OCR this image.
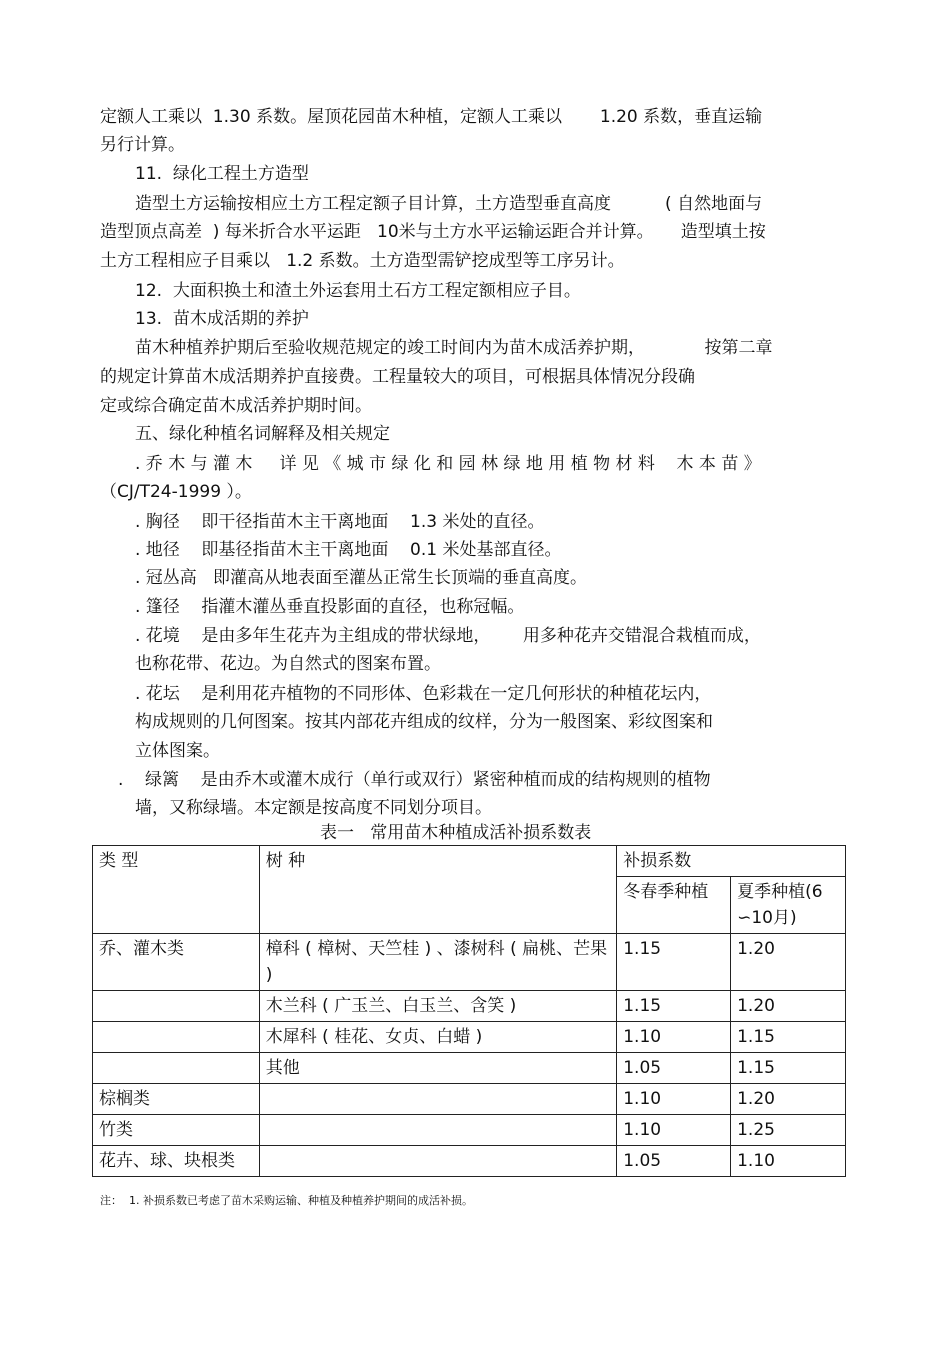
定额人工乘以  1.30 系数。屋顶花园苗木种植，定额人工乘以       1.20 系数，垂直运输
另行计算。
11.  绿化工程土方造型
造型土方运输按相应土方工程定额子目计算，土方造型垂直高度          ( 自然地面与
造型顶点高差  ) 每米折合水平运距   10米与土方水平运输运距合并计算。     造型填土按
土方工程相应子目乘以   1.2 系数。土方造型需铲挖成型等工序另计。
12.  大面积换土和渣土外运套用土石方工程定额相应子目。
13.  苗木成活期的养护
苗木种植养护期后至验收规范规定的竣工时间内为苗木成活养护期，           按第二章
的规定计算苗木成活期养护直接费。工程量较大的项目，可根据具体情况分段确
定或综合确定苗木成活养护期时间。
五、绿化种植名词解释及相关规定
. 乔 木 与 灌 木     详 见 《 城 市 绿 化 和 园 林 绿 地 用 植 物 材 料    木 本 苗 》
（CJ/T24-1999 ）。
. 胸径    即干径指苗木主干离地面    1.3 米处的直径。
. 地径    即基径指苗木主干离地面    0.1 米处基部直径。
. 冠丛高   即灌高从地表面至灌丛正常生长顶端的垂直高度。
. 篷径    指灌木灌丛垂直投影面的直径，也称冠幅。
. 花境    是由多年生花卉为主组成的带状绿地，      用多种花卉交错混合栽植而成，
也称花带、花边。为自然式的图案布置。
. 花坛    是利用花卉植物的不同形体、色彩栽在一定几何形状的种植花坛内，
构成规则的几何图案。按其内部花卉组成的纹样，分为一般图案、彩纹图案和
立体图案。
.    绿篱    是由乔木或灌木成行（单行或双行）紧密种植而成的结构规则的植物
墙，又称绿墙。本定额是按高度不同划分项目。
表一   常用苗木种植成活补损系数表
类 型	树 种	补损系数	
		冬春季种植	夏季种植(6 ∽10月)
乔、灌木类	樟科 ( 樟树、天竺桂 ) 、漆树科 ( 扁桃、芒果 )	1.15	1.20
	木兰科 ( 广玉兰、白玉兰、含笑 )	1.15	1.20
	木犀科 ( 桂花、女贞、白蜡 )	1.10	1.15
	其他	1.05	1.15
棕榈类		1.10	1.20
竹类		1.10	1.25
花卉、球、块根类		1.05	1.10
注：  1. 补损系数已考虑了苗木采购运输、种植及种植养护期间的成活补损。
